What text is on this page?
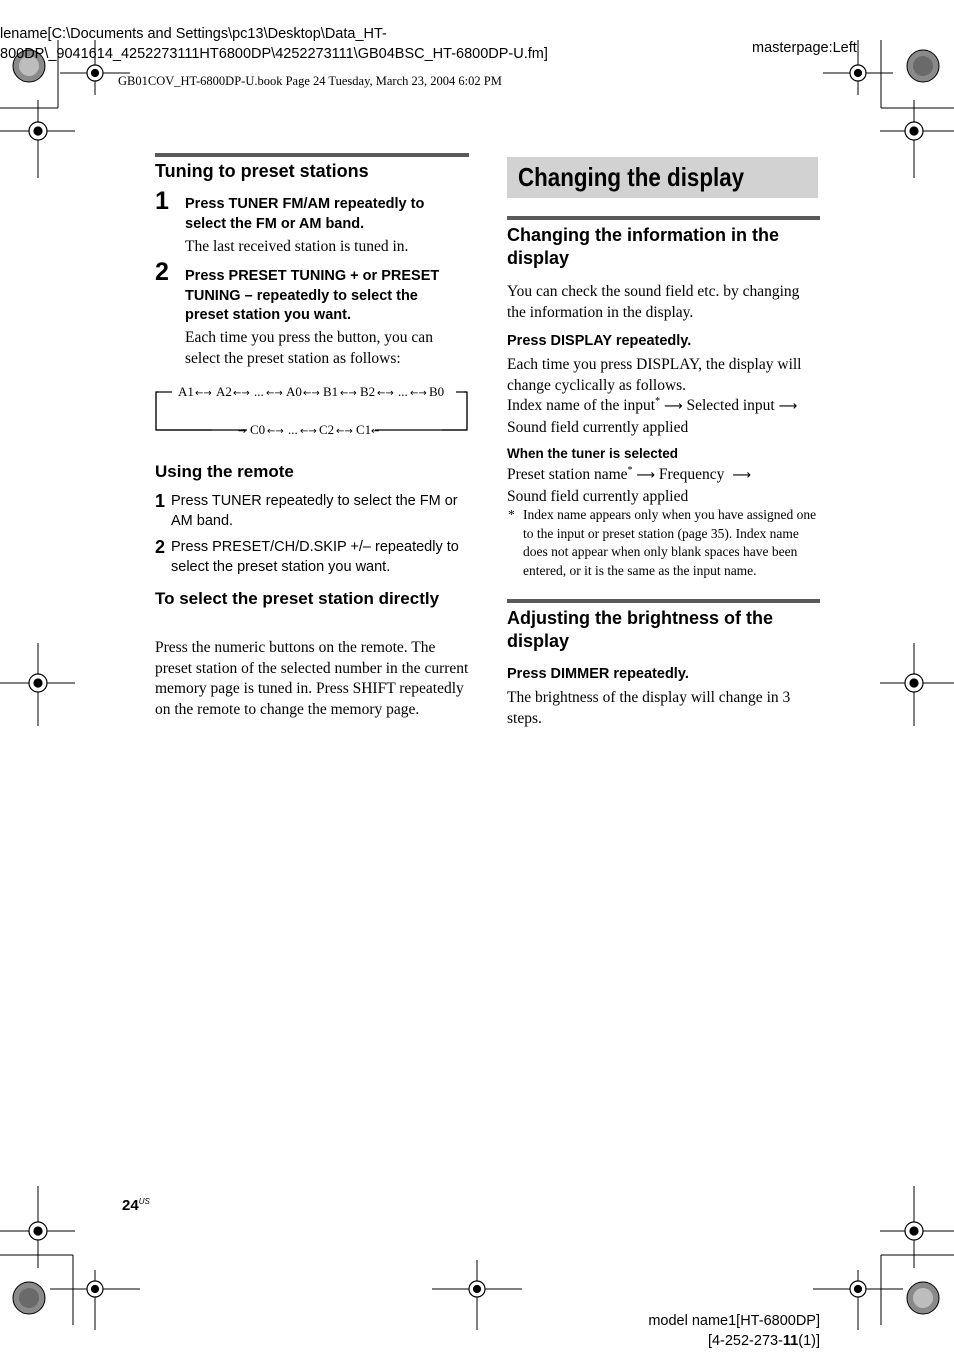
lename[C:\Documents and Settings\pc13\Desktop\Data_HT-
800DP\_9041614_4252273111HT6800DP\4252273111\GB04BSC_HT-6800DP-U.fm]	masterpage:Left
GB01COV_HT-6800DP-U.book Page 24 Tuesday, March 23, 2004 6:02 PM
Tuning to preset stations
1 Press TUNER FM/AM repeatedly to select the FM or AM band.
The last received station is tuned in.
2 Press PRESET TUNING + or PRESET TUNING – repeatedly to select the preset station you want.
Each time you press the button, you can select the preset station as follows:
A1 ←→ A2 ←→ ... ←→ A0 ←→ B1 ←→ B2 ←→ ... ←→ B0
→ C0 ←→ ... ←→ C2 ←→ C1 ←
Using the remote
1 Press TUNER repeatedly to select the FM or AM band.
2 Press PRESET/CH/D.SKIP +/– repeatedly to select the preset station you want.
To select the preset station directly
Press the numeric buttons on the remote. The preset station of the selected number in the current memory page is tuned in. Press SHIFT repeatedly on the remote to change the memory page.
Changing the display
Changing the information in the display
You can check the sound field etc. by changing the information in the display.
Press DISPLAY repeatedly.
Each time you press DISPLAY, the display will change cyclically as follows.
Index name of the input* ⟶ Selected input ⟶
Sound field currently applied
When the tuner is selected
Preset station name* ⟶ Frequency  ⟶
Sound field currently applied
* Index name appears only when you have assigned one to the input or preset station (page 35). Index name does not appear when only blank spaces have been entered, or it is the same as the input name.
Adjusting the brightness of the display
Press DIMMER repeatedly.
The brightness of the display will change in 3 steps.
$24^{US}$
model name1[HT-6800DP]
[4-252-273-11(1)]
